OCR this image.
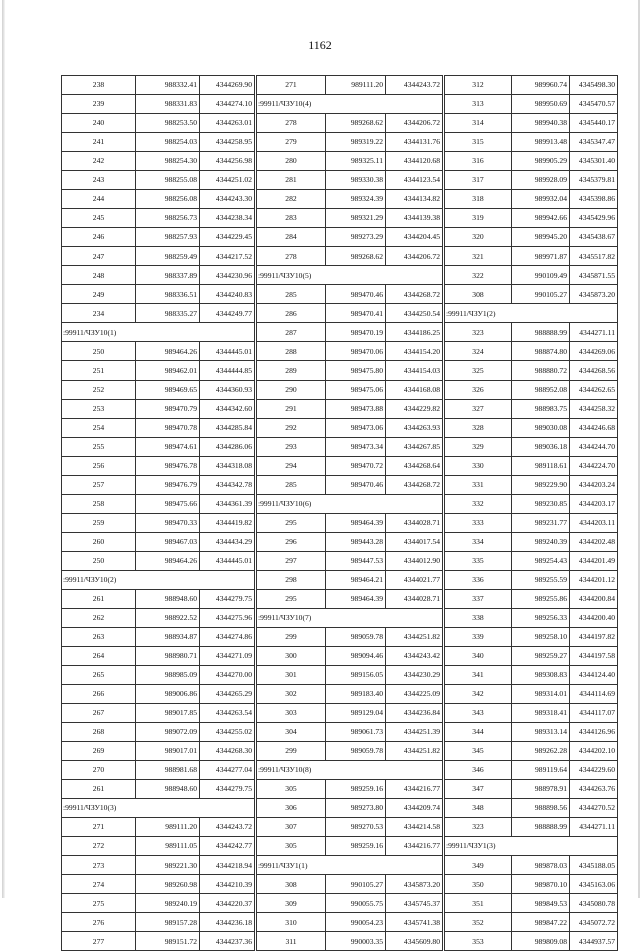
1162
238	988332.41	4344269.90	271	989111.20	4344243.72	312	989960.74	4345498.30
239	988331.83	4344274.10	:99911/ЧЗУ10(4)			313	989950.69	4345470.57
240	988253.50	4344263.01	278	989268.62	4344206.72	314	989940.38	4345440.17
241	988254.03	4344258.95	279	989319.22	4344131.76	315	989913.48	4345347.47
242	988254.30	4344256.98	280	989325.11	4344120.68	316	989905.29	4345301.40
243	988255.08	4344251.02	281	989330.38	4344123.54	317	989928.09	4345379.81
244	988256.08	4344243.30	282	989324.39	4344134.82	318	989932.04	4345398.86
245	988256.73	4344238.34	283	989321.29	4344139.38	319	989942.66	4345429.96
246	988257.93	4344229.45	284	989273.29	4344204.45	320	989945.20	4345438.67
247	988259.49	4344217.52	278	989268.62	4344206.72	321	989971.87	4345517.82
248	988337.89	4344230.96	:99911/ЧЗУ10(5)			322	990109.49	4345871.55
249	988336.51	4344240.83	285	989470.46	4344268.72	308	990105.27	4345873.20
234	988335.27	4344249.77	286	989470.41	4344250.54	:99911/ЧЗУ1(2)		
:99911/ЧЗУ10(1)			287	989470.19	4344186.25	323	988888.99	4344271.11
250	989464.26	4344445.01	288	989470.06	4344154.20	324	988874.80	4344269.06
251	989462.01	4344444.85	289	989475.80	4344154.03	325	988880.72	4344268.56
252	989469.65	4344360.93	290	989475.06	4344168.08	326	988952.08	4344262.65
253	989470.79	4344342.60	291	989473.88	4344229.82	327	988983.75	4344258.32
254	989470.78	4344285.84	292	989473.06	4344263.93	328	989030.08	4344246.68
255	989474.61	4344286.06	293	989473.34	4344267.85	329	989036.18	4344244.70
256	989476.78	4344318.08	294	989470.72	4344268.64	330	989118.61	4344224.70
257	989476.79	4344342.78	285	989470.46	4344268.72	331	989229.90	4344203.24
258	989475.66	4344361.39	:99911/ЧЗУ10(6)			332	989230.85	4344203.17
259	989470.33	4344419.82	295	989464.39	4344028.71	333	989231.77	4344203.11
260	989467.03	4344434.29	296	989443.28	4344017.54	334	989240.39	4344202.48
250	989464.26	4344445.01	297	989447.53	4344012.90	335	989254.43	4344201.49
:99911/ЧЗУ10(2)			298	989464.21	4344021.77	336	989255.59	4344201.12
261	988948.60	4344279.75	295	989464.39	4344028.71	337	989255.86	4344200.84
262	988922.52	4344275.96	:99911/ЧЗУ10(7)			338	989256.33	4344200.40
263	988934.87	4344274.86	299	989059.78	4344251.82	339	989258.10	4344197.82
264	988980.71	4344271.09	300	989094.46	4344243.42	340	989259.27	4344197.58
265	988985.09	4344270.00	301	989156.05	4344230.29	341	989308.83	4344124.40
266	989006.86	4344265.29	302	989183.40	4344225.09	342	989314.01	4344114.69
267	989017.85	4344263.54	303	989129.04	4344236.84	343	989318.41	4344117.07
268	989072.09	4344255.02	304	989061.73	4344251.39	344	989313.14	4344126.96
269	989017.01	4344268.30	299	989059.78	4344251.82	345	989262.28	4344202.10
270	988981.68	4344277.04	:99911/ЧЗУ10(8)			346	989119.64	4344229.60
261	988948.60	4344279.75	305	989259.16	4344216.77	347	988978.91	4344263.76
:99911/ЧЗУ10(3)			306	989273.80	4344209.74	348	988898.56	4344270.52
271	989111.20	4344243.72	307	989270.53	4344214.58	323	988888.99	4344271.11
272	989111.05	4344242.77	305	989259.16	4344216.77	:99911/ЧЗУ1(3)		
273	989221.30	4344218.94	:99911/ЧЗУ1(1)			349	989878.03	4345188.05
274	989260.98	4344210.39	308	990105.27	4345873.20	350	989870.10	4345163.06
275	989240.19	4344220.37	309	990055.75	4345745.37	351	989849.53	4345080.78
276	989157.28	4344236.18	310	990054.23	4345741.38	352	989847.22	4345072.72
277	989151.72	4344237.36	311	990003.35	4345609.80	353	989809.08	4344937.57
